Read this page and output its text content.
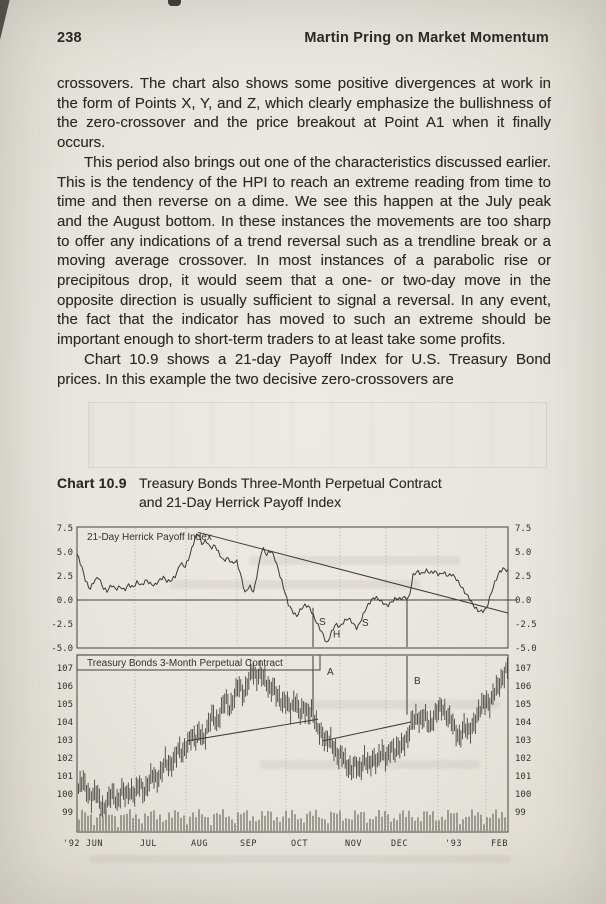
238	Martin Pring on Market Momentum

crossovers. The chart also shows some positive divergences at work in the form of Points X, Y, and Z, which clearly emphasize the bullishness of the zero-crossover and the price breakout at Point A1 when it finally occurs.

This period also brings out one of the characteristics discussed earlier. This is the tendency of the HPI to reach an extreme reading from time to time and then reverse on a dime. We see this happen at the July peak and the August bottom. In these instances the movements are too sharp to offer any indications of a trend reversal such as a trendline break or a moving average crossover. In most instances of a parabolic rise or precipitous drop, it would seem that a one- or two-day move in the opposite direction is usually sufficient to signal a reversal. In any event, the fact that the indicator has moved to such an extreme should be important enough to short-term traders to at least take some profits.

Chart 10.9 shows a 21-day Payoff Index for U.S. Treasury Bond prices. In this example the two decisive zero-crossovers are

Chart 10.9 Treasury Bonds Three-Month Perpetual Contract
and 21-Day Herrick Payoff Index
S
H
S
A
B
7.5	7.5
5.0	5.0
2.5	2.5
0.0	0.0
-2.5	-2.5
-5.0	-5.0
107	107
106	106
105	105
104	104
103	103
102	102
101	101
100	100
99	99
'92 JUN	JUL	AUG	SEP	OCT	NOV	DEC	'93	FEB
21-Day Herrick Payoff Index
Treasury Bonds 3-Month Perpetual Contract
